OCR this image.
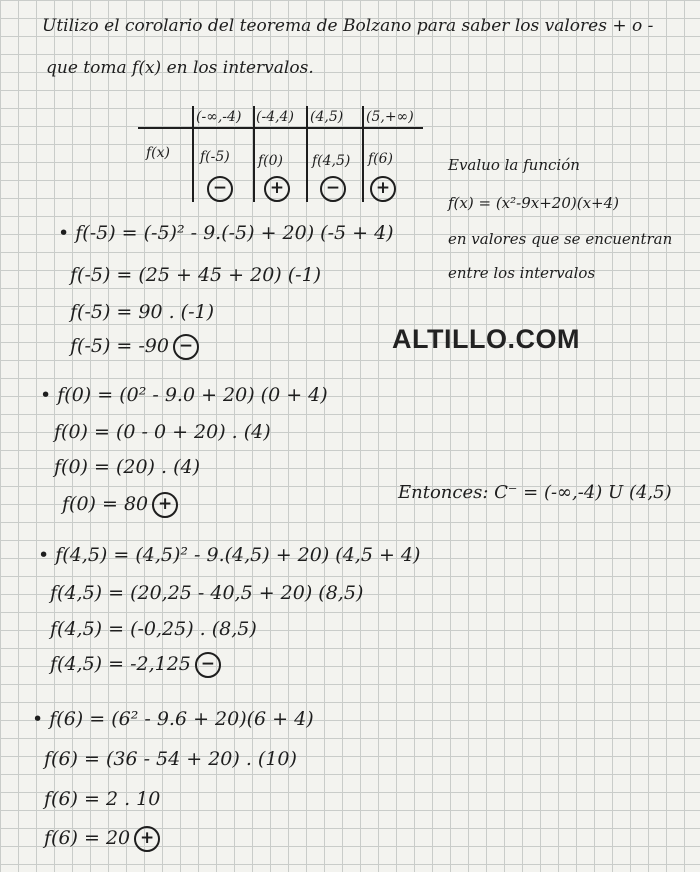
Utilizo el corolario del teorema de Bolzano para saber los valores + o -
que toma f(x) en los intervalos.
(-∞,-4) (-4,4) (4,5) (5,+∞)
f(x) f(-5) f(0) f(4,5) f(6)
−	+	−	+
Evaluo la función
f(x) = (x²-9x+20)(x+4)
en valores que se encuentran
entre los intervalos
ALTILLO.COM
• f(-5) = (-5)² - 9.(-5) + 20) (-5 + 4)
f(-5) = (25 + 45 + 20) (-1)
f(-5) = 90 . (-1)
f(-5) = -90 −
• f(0) = (0² - 9.0 + 20) (0 + 4)
f(0) = (0 - 0 + 20) . (4)
f(0) = (20) . (4)
f(0) = 80 +
Entonces: C⁻ = (-∞,-4) U (4,5)
• f(4,5) = (4,5)² - 9.(4,5) + 20) (4,5 + 4)
f(4,5) = (20,25 - 40,5 + 20) (8,5)
f(4,5) = (-0,25) . (8,5)
f(4,5) = -2,125 −
• f(6) = (6² - 9.6 + 20)(6 + 4)
f(6) = (36 - 54 + 20) . (10)
f(6) = 2 . 10
f(6) = 20 +
